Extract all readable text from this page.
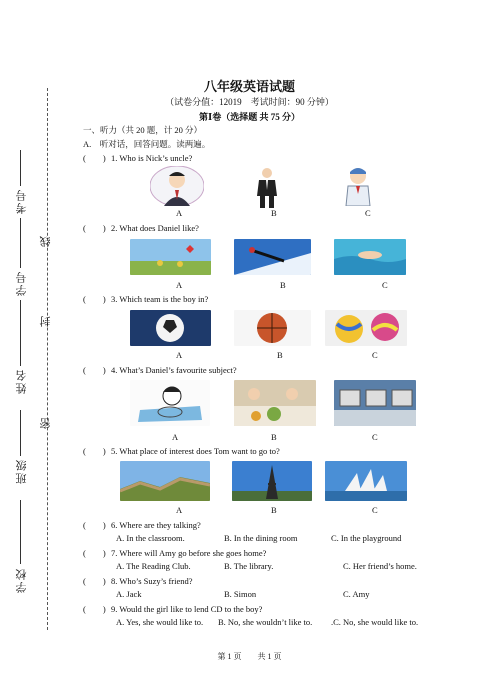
考号
学号
姓名
班级
学校
线
封
密
八年级英语试题
（试卷分值：12019　考试时间：90 分钟）
第Ⅰ卷（选择题 共 75 分）
一、听力（共 20 题，计 20 分）
A.　听对话，回答问题。读两遍。
(　　) 1. Who is Nick’s uncle?
A	B	C
(　　) 2. What does Daniel like?
A	B	C
(　　) 3. Which team is the boy in?
A	B	C
(　　) 4. What’s Daniel’s favourite subject?
A	B	C
(　　) 5. What place of interest does Tom want to go to?
A	B	C
(　　) 6. Where are they talking?
A. In the classroom.	B. In the dining room	C. In the playground
(　　) 7. Where will Amy go before she goes home?
A. The Reading Club.	B. The library.	C. Her friend’s home.
(　　) 8. Who’s Suzy’s friend?
A. Jack	B. Simon	C. Amy
(　　) 9. Would the girl like to lend CD to the boy?
A. Yes, she would like to. B. No, she wouldn’t like to. .C. No, she would like to.
第 1 页　　共 1 页
